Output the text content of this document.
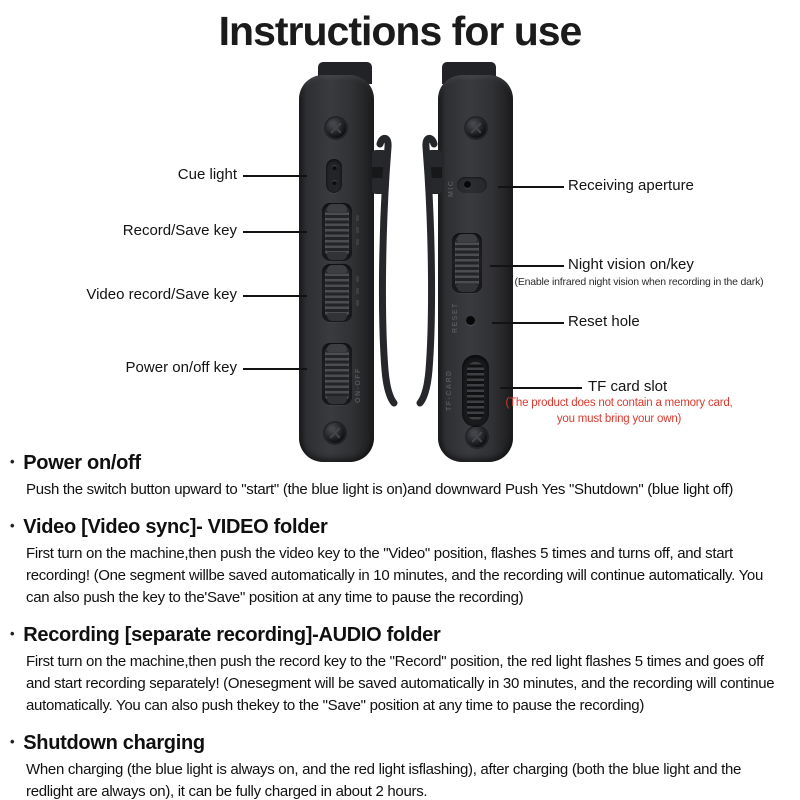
Instructions for use
ON-OFF
MIC
RESET
TF-CARD
Cue light
Record/Save key
Video record/Save key
Power on/off key
Receiving aperture
Night vision on/key
(Enable infrared night vision when recording in the dark)
Reset hole
TF card slot
(The product does not contain a memory card,
you must bring your own)
• Power on/off

Push the switch button upward to "start" (the blue light is on)and downward Push Yes "Shutdown" (blue light off)

• Video [Video sync]- VIDEO folder

First turn on the machine,then push the video key to the "Video" position, flashes 5 times and turns off, and start recording! (One segment willbe saved automatically in 10 minutes, and the recording will continue automatically. You can also push the key to the'Save" position at any time to pause the recording)

• Recording [separate recording]-AUDIO folder

First turn on the machine,then push the record key to the "Record" position, the red light flashes 5 times and goes off and start recording separately! (Onesegment will be saved automatically in 30 minutes, and the recording will continue automatically. You can also push thekey to the "Save" position at any time to pause the recording)

• Shutdown charging

When charging (the blue light is always on, and the red light isflashing), after charging (both the blue light and the redlight are always on), it can be fully charged in about 2 hours.
